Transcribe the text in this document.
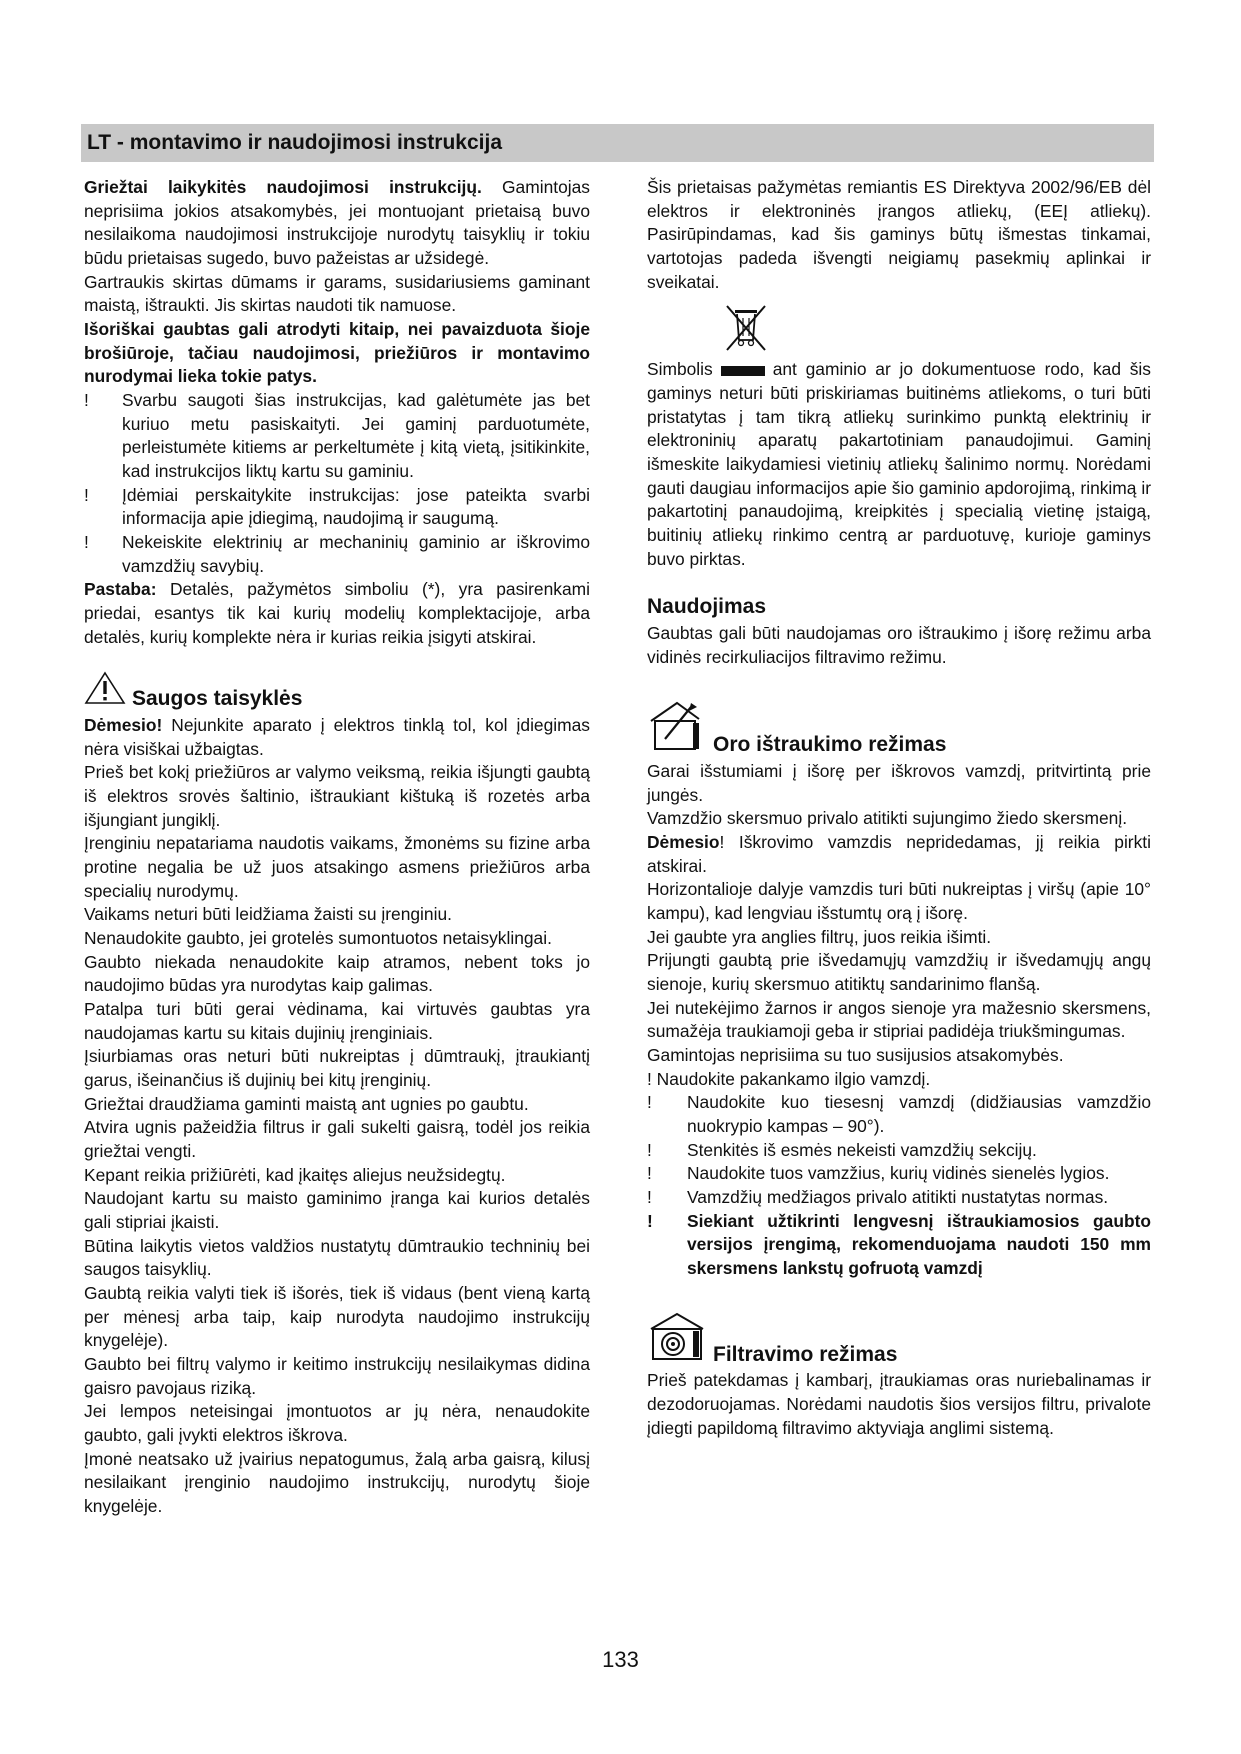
LT - montavimo ir naudojimosi instrukcija

Griežtai laikykitės naudojimosi instrukcijų. Gamintojas neprisiima jokios atsakomybės, jei montuojant prietaisą buvo nesilaikoma naudojimosi instrukcijoje nurodytų taisyklių ir tokiu būdu prietaisas sugedo, buvo pažeistas ar užsidegė.

Gartraukis skirtas dūmams ir garams, susidariusiems gaminant maistą, ištraukti. Jis skirtas naudoti tik namuose.

Išoriškai gaubtas gali atrodyti kitaip, nei pavaizduota šioje brošiūroje, tačiau naudojimosi, priežiūros ir montavimo nurodymai lieka tokie patys.

!	Svarbu saugoti šias instrukcijas, kad galėtumėte jas bet kuriuo metu pasiskaityti. Jei gaminį parduotumėte, perleistumėte kitiems ar perkeltumėte į kitą vietą, įsitikinkite, kad instrukcijos liktų kartu su gaminiu.
!	Įdėmiai perskaitykite instrukcijas: jose pateikta svarbi informacija apie įdiegimą, naudojimą ir saugumą.
!	Nekeiskite elektrinių ar mechaninių gaminio ar iškrovimo vamzdžių savybių.

Pastaba: Detalės, pažymėtos simboliu (*), yra pasirenkami priedai, esantys tik kai kurių modelių komplektacijoje, arba detalės, kurių komplekte nėra ir kurias reikia įsigyti atskirai.

Saugos taisyklės

Dėmesio! Nejunkite aparato į elektros tinklą tol, kol įdiegimas nėra visiškai užbaigtas.

Prieš bet kokį priežiūros ar valymo veiksmą, reikia išjungti gaubtą iš elektros srovės šaltinio, ištraukiant kištuką iš rozetės arba išjungiant jungiklį.

Įrenginiu nepatariama naudotis vaikams, žmonėms su fizine arba protine negalia be už juos atsakingo asmens priežiūros arba specialių nurodymų.

Vaikams neturi būti leidžiama žaisti su įrenginiu.

Nenaudokite gaubto, jei grotelės sumontuotos netaisyklingai.

Gaubto niekada nenaudokite kaip atramos, nebent toks jo naudojimo būdas yra nurodytas kaip galimas.

Patalpa turi būti gerai vėdinama, kai virtuvės gaubtas yra naudojamas kartu su kitais dujinių įrenginiais.

Įsiurbiamas oras neturi būti nukreiptas į dūmtraukį, įtraukiantį garus, išeinančius iš dujinių bei kitų įrenginių.

Griežtai draudžiama gaminti maistą ant ugnies po gaubtu.

Atvira ugnis pažeidžia filtrus ir gali sukelti gaisrą, todėl jos reikia griežtai vengti.

Kepant reikia prižiūrėti, kad įkaitęs aliejus neužsidegtų.

Naudojant kartu su maisto gaminimo įranga kai kurios detalės gali stipriai įkaisti.

Būtina laikytis vietos valdžios nustatytų dūmtraukio techninių bei saugos taisyklių.

Gaubtą reikia valyti tiek iš išorės, tiek iš vidaus (bent vieną kartą per mėnesį arba taip, kaip nurodyta naudojimo instrukcijų knygelėje).

Gaubto bei filtrų valymo ir keitimo instrukcijų nesilaikymas didina gaisro pavojaus riziką.

Jei lempos neteisingai įmontuotos ar jų nėra, nenaudokite gaubto, gali įvykti elektros iškrova.

Įmonė neatsako už įvairius nepatogumus, žalą arba gaisrą, kilusį nesilaikant įrenginio naudojimo instrukcijų, nurodytų šioje knygelėje.

Šis prietaisas pažymėtas remiantis ES Direktyva 2002/96/EB dėl elektros ir elektroninės įrangos atliekų, (EEĮ atliekų). Pasirūpindamas, kad šis gaminys būtų išmestas tinkamai, vartotojas padeda išvengti neigiamų pasekmių aplinkai ir sveikatai.

Simbolis	ant gaminio ar jo dokumentuose rodo, kad šis gaminys neturi būti priskiriamas buitinėms atliekoms, o turi būti pristatytas į tam tikrą atliekų surinkimo punktą elektrinių ir elektroninių aparatų pakartotiniam panaudojimui. Gaminį išmeskite laikydamiesi vietinių atliekų šalinimo normų. Norėdami gauti daugiau informacijos apie šio gaminio apdorojimą, rinkimą ir pakartotinį panaudojimą, kreipkitės į specialią vietinę įstaigą, buitinių atliekų rinkimo centrą ar parduotuvę, kurioje gaminys buvo pirktas.

Naudojimas

Gaubtas gali būti naudojamas oro ištraukimo į išorę režimu arba vidinės recirkuliacijos filtravimo režimu.

Oro ištraukimo režimas

Garai išstumiami į išorę per iškrovos vamzdį, pritvirtintą prie jungės.

Vamzdžio skersmuo privalo atitikti sujungimo žiedo skersmenį.

Dėmesio! Iškrovimo vamzdis nepridedamas, jį reikia pirkti atskirai.

Horizontalioje dalyje vamzdis turi būti nukreiptas į viršų (apie 10° kampu), kad lengviau išstumtų orą į išorę.

Jei gaubte yra anglies filtrų, juos reikia išimti.

Prijungti gaubtą prie išvedamųjų vamzdžių ir išvedamųjų angų sienoje, kurių skersmuo atitiktų sandarinimo flanšą.

Jei nutekėjimo žarnos ir angos sienoje yra mažesnio skersmens, sumažėja traukiamoji geba ir stipriai padidėja triukšmingumas.

Gamintojas neprisiima su tuo susijusios atsakomybės.

! Naudokite pakankamo ilgio vamzdį.

!	Naudokite kuo tiesesnį vamzdį (didžiausias vamzdžio nuokrypio kampas – 90°).
!	Stenkitės iš esmės nekeisti vamzdžių sekcijų.
!	Naudokite tuos vamzžius, kurių vidinės sienelės lygios.
!	Vamzdžių medžiagos privalo atitikti nustatytas normas.
!	Siekiant užtikrinti lengvesnį ištraukiamosios gaubto versijos įrengimą, rekomenduojama naudoti 150 mm skersmens lankstų gofruotą vamzdį
Filtravimo režimas

Prieš patekdamas į kambarį, įtraukiamas oras nuriebalinamas ir dezodoruojamas. Norėdami naudotis šios versijos filtru, privalote įdiegti papildomą filtravimo aktyviąja anglimi sistemą.

133
